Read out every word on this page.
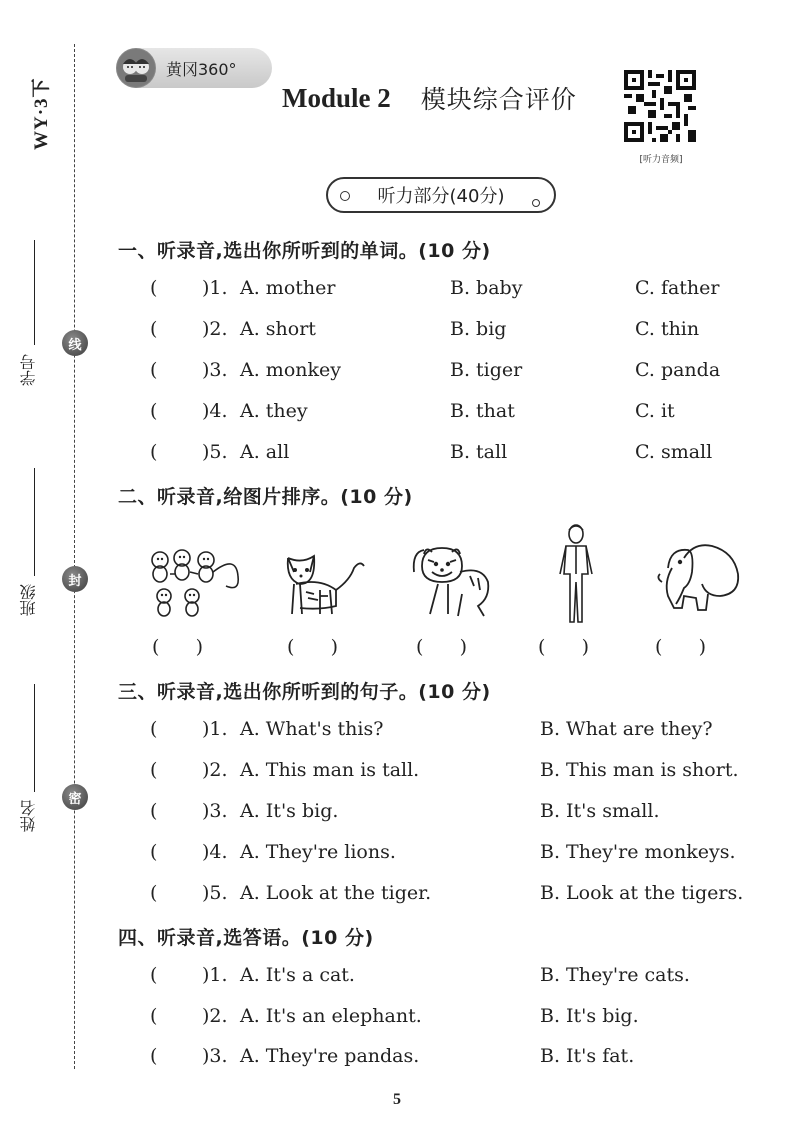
WY·3下
学号
班级
姓名
线
封
密
黄冈360°
Module 2 模块综合评价
[听力音频]
听力部分(40分)
一、听录音,选出你所听到的单词。(10 分)
( )1. A. mother	B. baby	C. father
( )2. A. short	B. big	C. thin
( )3. A. monkey	B. tiger	C. panda
( )4. A. they	B. that	C. it
( )5. A. all	B. tall	C. small
二、听录音,给图片排序。(10 分)
(      )	(      )	(      )	(      )	(      )
三、听录音,选出你所听到的句子。(10 分)
( )1. A. What's this?	B. What are they?
( )2. A. This man is tall.	B. This man is short.
( )3. A. It's big.	B. It's small.
( )4. A. They're lions.	B. They're monkeys.
( )5. A. Look at the tiger.	B. Look at the tigers.
四、听录音,选答语。(10 分)
( )1. A. It's a cat.	B. They're cats.
( )2. A. It's an elephant.	B. It's big.
( )3. A. They're pandas.	B. It's fat.
5
